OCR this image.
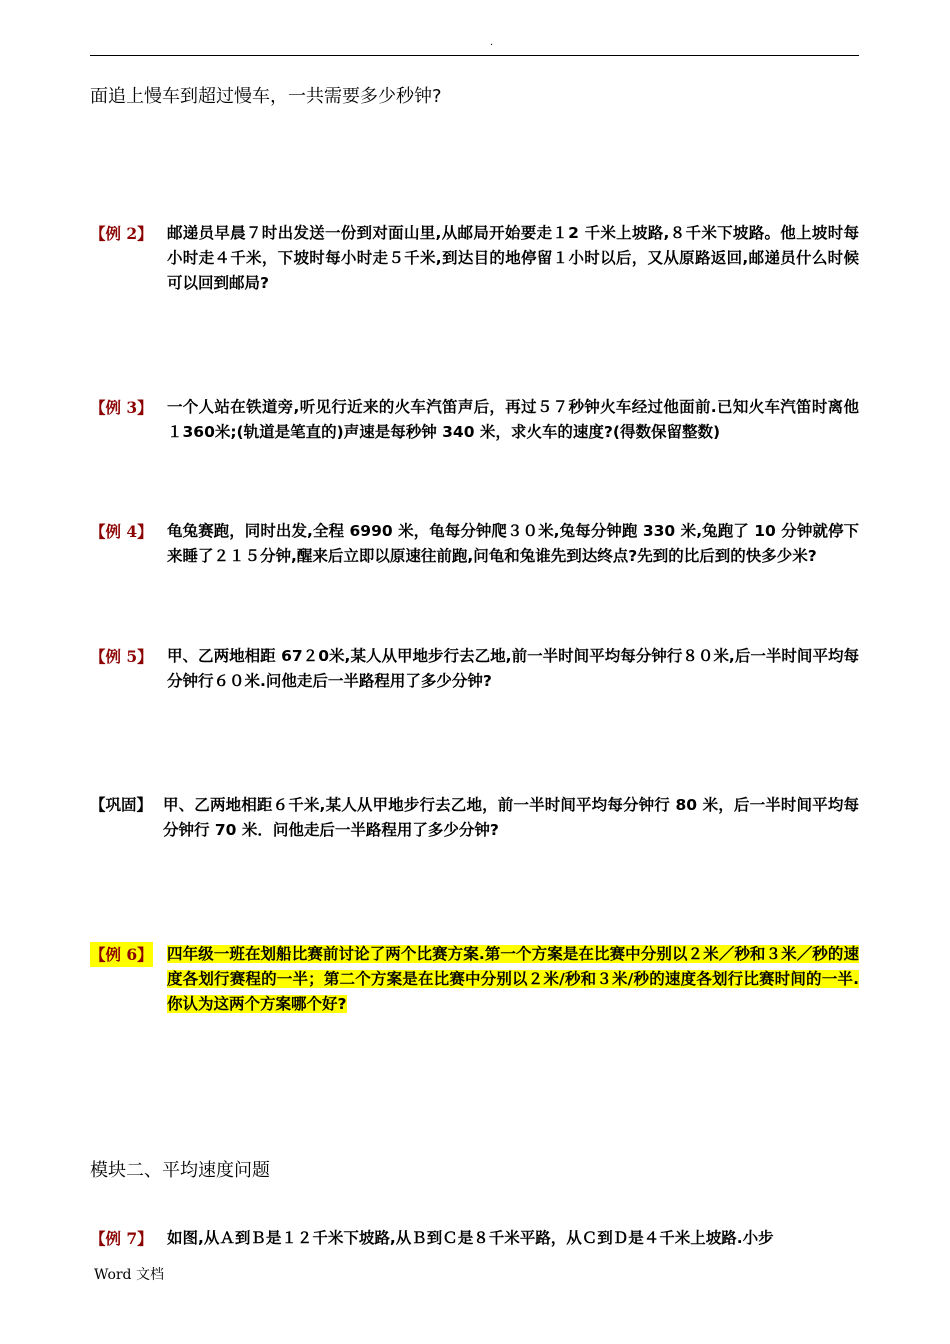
.
面追上慢车到超过慢车，一共需要多少秒钟?
【例 2】 邮递员早晨７时出发送一份到对面山里,从邮局开始要走１2 千米上坡路,８千米下坡路。他上坡时每小时走４千米，下坡时每小时走５千米,到达目的地停留１小时以后，又从原路返回,邮递员什么时候可以回到邮局?
【例 3】 一个人站在铁道旁,听见行近来的火车汽笛声后，再过５７秒钟火车经过他面前.已知火车汽笛时离他１360米;(轨道是笔直的)声速是每秒钟 340 米，求火车的速度?(得数保留整数)
【例 4】 龟兔赛跑，同时出发,全程 6990 米，龟每分钟爬３０米,兔每分钟跑 330 米,兔跑了 10 分钟就停下来睡了２１５分钟,醒来后立即以原速往前跑,问龟和兔谁先到达终点?先到的比后到的快多少米?
【例 5】 甲、乙两地相距 67２0米,某人从甲地步行去乙地,前一半时间平均每分钟行８０米,后一半时间平均每分钟行６０米.问他走后一半路程用了多少分钟?
【巩固】 甲、乙两地相距６千米,某人从甲地步行去乙地，前一半时间平均每分钟行 80 米，后一半时间平均每分钟行 70 米．问他走后一半路程用了多少分钟?
【例 6】 四年级一班在划船比赛前讨论了两个比赛方案.第一个方案是在比赛中分别以２米／秒和３米／秒的速度各划行赛程的一半；第二个方案是在比赛中分别以２米/秒和３米/秒的速度各划行比赛时间的一半.你认为这两个方案哪个好?
模块二、平均速度问题
【例 7】 如图,从Ａ到Ｂ是１２千米下坡路,从Ｂ到Ｃ是８千米平路，从Ｃ到Ｄ是４千米上坡路.小步
Word 文档
